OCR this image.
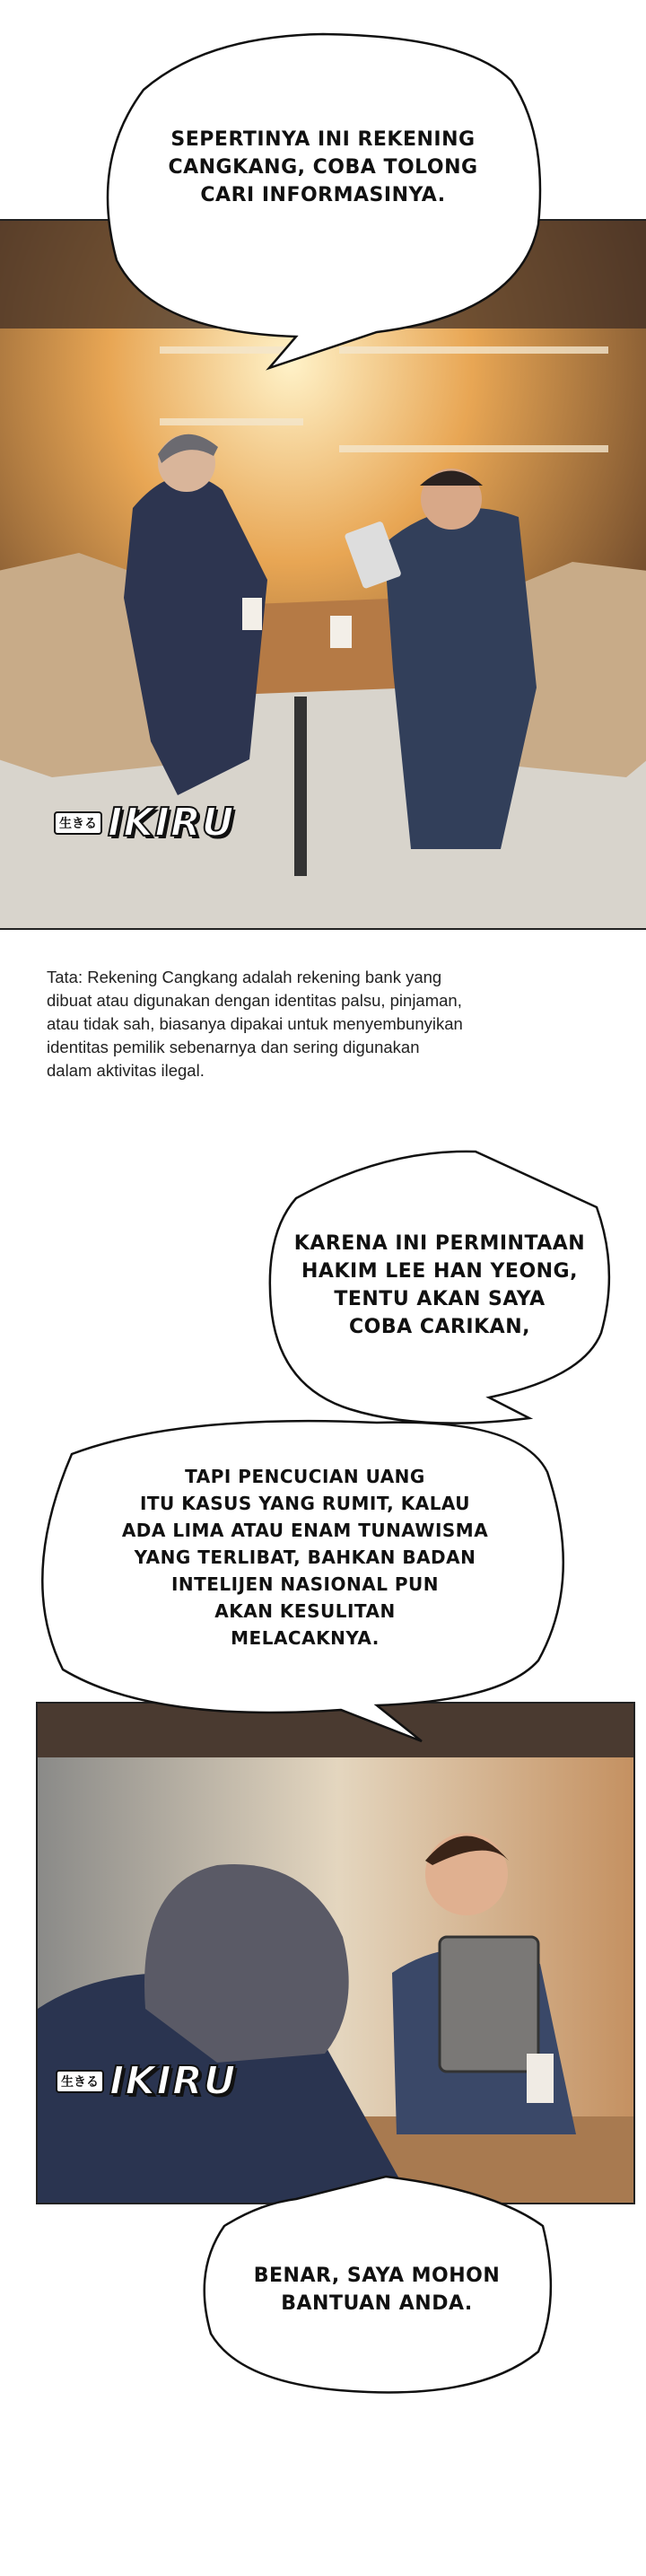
生きる IKIRU
SEPERTINYA INI REKENING
CANGKANG, COBA TOLONG
CARI INFORMASINYA.
Tata: Rekening Cangkang adalah rekening bank yang
dibuat atau digunakan dengan identitas palsu, pinjaman,
atau tidak sah, biasanya dipakai untuk menyembunyikan
identitas pemilik sebenarnya dan sering digunakan
dalam aktivitas ilegal.
生きる IKIRU
KARENA INI PERMINTAAN
HAKIM LEE HAN YEONG,
TENTU AKAN SAYA
COBA CARIKAN,
TAPI PENCUCIAN UANG
ITU KASUS YANG RUMIT, KALAU
ADA LIMA ATAU ENAM TUNAWISMA
YANG TERLIBAT, BAHKAN BADAN
INTELIJEN NASIONAL PUN
AKAN KESULITAN
MELACAKNYA.
BENAR, SAYA MOHON
BANTUAN ANDA.
